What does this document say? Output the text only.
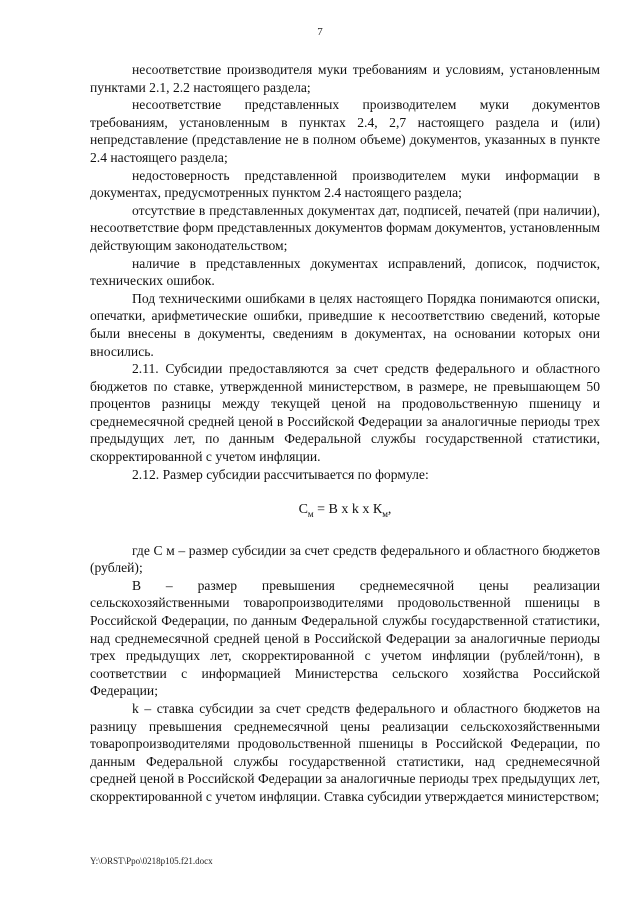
7

несоответствие производителя муки требованиям и условиям, установленным пунктами 2.1, 2.2 настоящего раздела;

несоответствие представленных производителем муки документов требованиям, установленным в пунктах 2.4, 2,7 настоящего раздела и (или) непредставление (представление не в полном объеме) документов, указанных в пункте 2.4 настоящего раздела;

недостоверность представленной производителем муки информации в документах, предусмотренных пунктом 2.4 настоящего раздела;

отсутствие в представленных документах дат, подписей, печатей (при наличии), несоответствие форм представленных документов формам документов, установленным действующим законодательством;

наличие в представленных документах исправлений, дописок, подчисток, технических ошибок.

Под техническими ошибками в целях настоящего Порядка понимаются описки, опечатки, арифметические ошибки, приведшие к несоответствию сведений, которые были внесены в документы, сведениям в документах, на основании которых они вносились.

2.11. Субсидии предоставляются за счет средств федерального и областного бюджетов по ставке, утвержденной министерством, в размере, не превышающем 50 процентов разницы между текущей ценой на продовольственную пшеницу и среднемесячной средней ценой в Российской Федерации за аналогичные периоды трех предыдущих лет, по данным Федеральной службы государственной статистики, скорректированной с учетом инфляции.

2.12. Размер субсидии рассчитывается по формуле:

$С_м = В$ x k x $К_м$,

где С м – размер субсидии за счет средств федерального и областного бюджетов (рублей);

В – размер превышения среднемесячной цены реализации сельскохозяйственными товаропроизводителями продовольственной пшеницы в Российской Федерации, по данным Федеральной службы государственной статистики, над среднемесячной средней ценой в Российской Федерации за аналогичные периоды трех предыдущих лет, скорректированной с учетом инфляции (рублей/тонн), в соответствии с информацией Министерства сельского хозяйства Российской Федерации;

k – ставка субсидии за счет средств федерального и областного бюджетов на разницу превышения среднемесячной цены реализации сельскохозяйственными товаропроизводителями продовольственной пшеницы в Российской Федерации, по данным Федеральной службы государственной статистики, над среднемесячной средней ценой в Российской Федерации за аналогичные периоды трех предыдущих лет, скорректированной с учетом инфляции. Ставка субсидии утверждается министерством;

Y:\ORST\Ppo\0218p105.f21.docx
